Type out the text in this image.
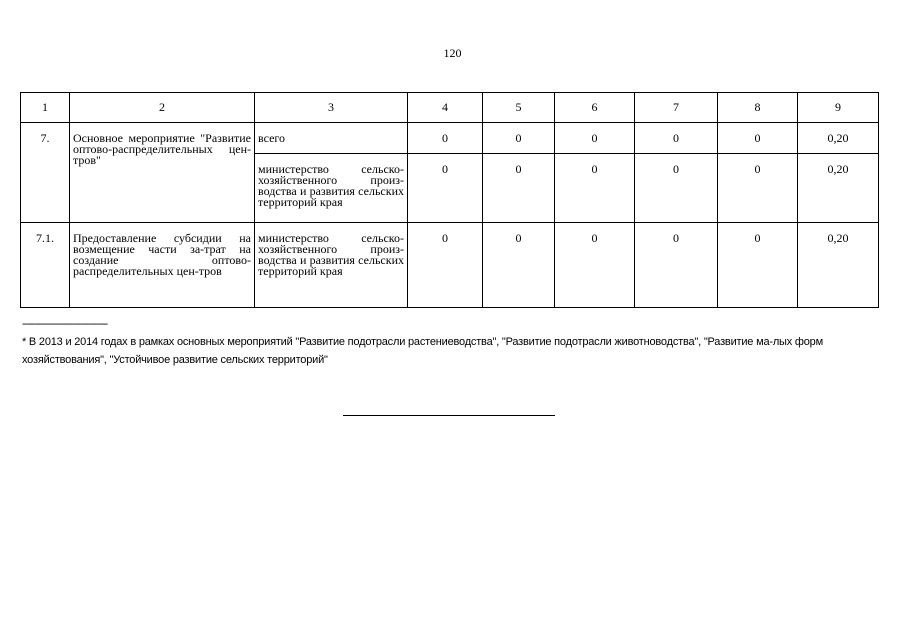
120
1	2	3	4	5	6	7	8	9
7.	Основное мероприятие "Развитие оптово-распределительных цен-тров"	всего	0	0	0	0	0	0,20
		министерство сельско-хозяйственного произ-водства и развития сельских территорий края	0	0	0	0	0	0,20
7.1.	Предоставление субсидии на возмещение части за-трат на создание оптово-распределительных цен-тров	министерство сельско-хозяйственного произ-водства и развития сельских территорий края	0	0	0	0	0	0,20
--------------------------------
* В 2013 и 2014 годах в рамках основных мероприятий "Развитие подотрасли растениеводства", "Развитие подотрасли животноводства", "Развитие ма-лых форм хозяйствования", "Устойчивое развитие сельских территорий"
